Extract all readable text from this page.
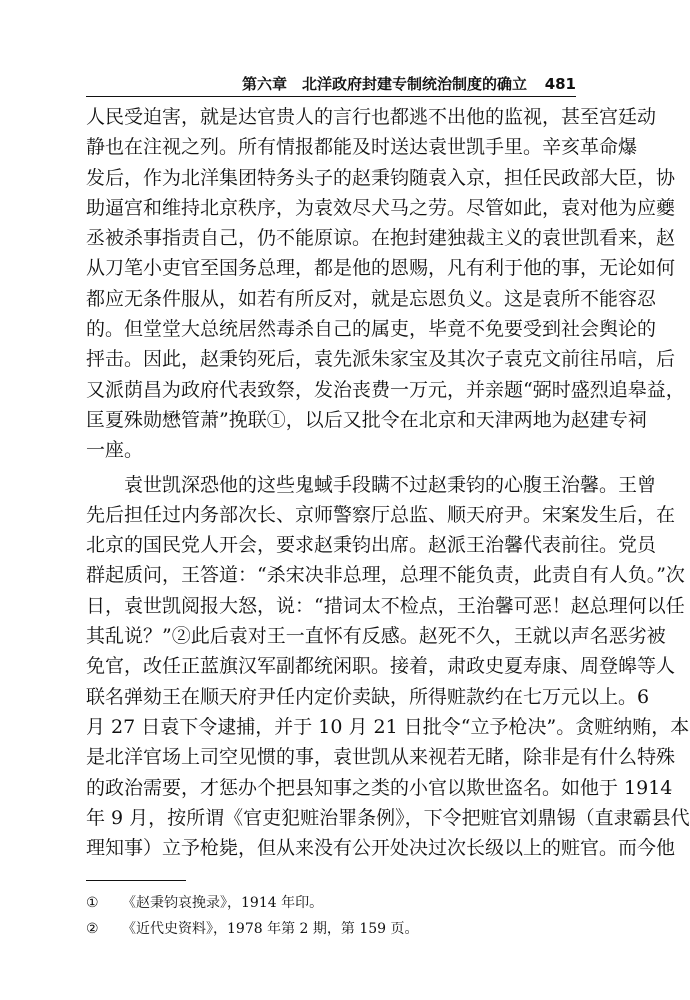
第六章　北洋政府封建专制统治制度的确立 481
人民受迫害，就是达官贵人的言行也都逃不出他的监视，甚至宫廷动
静也在注视之列。所有情报都能及时送达袁世凯手里。辛亥革命爆
发后，作为北洋集团特务头子的赵秉钧随袁入京，担任民政部大臣，协
助逼宫和维持北京秩序，为袁效尽犬马之劳。尽管如此，袁对他为应夔
丞被杀事指责自己，仍不能原谅。在抱封建独裁主义的袁世凯看来，赵
从刀笔小吏官至国务总理，都是他的恩赐，凡有利于他的事，无论如何
都应无条件服从，如若有所反对，就是忘恩负义。这是袁所不能容忍
的。但堂堂大总统居然毒杀自己的属吏，毕竟不免要受到社会舆论的
抨击。因此，赵秉钧死后，袁先派朱家宝及其次子袁克文前往吊唁，后
又派荫昌为政府代表致祭，发治丧费一万元，并亲题“弼时盛烈追皋益，
匡夏殊勋懋管萧”挽联①，以后又批令在北京和天津两地为赵建专祠
一座。
袁世凯深恐他的这些鬼蜮手段瞒不过赵秉钧的心腹王治馨。王曾
先后担任过内务部次长、京师警察厅总监、顺天府尹。宋案发生后，在
北京的国民党人开会，要求赵秉钧出席。赵派王治馨代表前往。党员
群起质问，王答道：“杀宋决非总理，总理不能负责，此责自有人负。”次
日，袁世凯阅报大怒，说：“措词太不检点，王治馨可恶！赵总理何以任
其乱说？”②此后袁对王一直怀有反感。赵死不久，王就以声名恶劣被
免官，改任正蓝旗汉军副都统闲职。接着，肃政史夏寿康、周登皞等人
联名弹劾王在顺天府尹任内定价卖缺，所得赃款约在七万元以上。6
月 27 日袁下令逮捕，并于 10 月 21 日批令“立予枪决”。贪赃纳贿，本
是北洋官场上司空见惯的事，袁世凯从来视若无睹，除非是有什么特殊
的政治需要，才惩办个把县知事之类的小官以欺世盗名。如他于 1914
年 9 月，按所谓《官吏犯赃治罪条例》，下令把赃官刘鼎锡（直隶霸县代
理知事）立予枪毙，但从来没有公开处决过次长级以上的赃官。而今他
① 《赵秉钧哀挽录》，1914 年印。
② 《近代史资料》，1978 年第 2 期，第 159 页。
